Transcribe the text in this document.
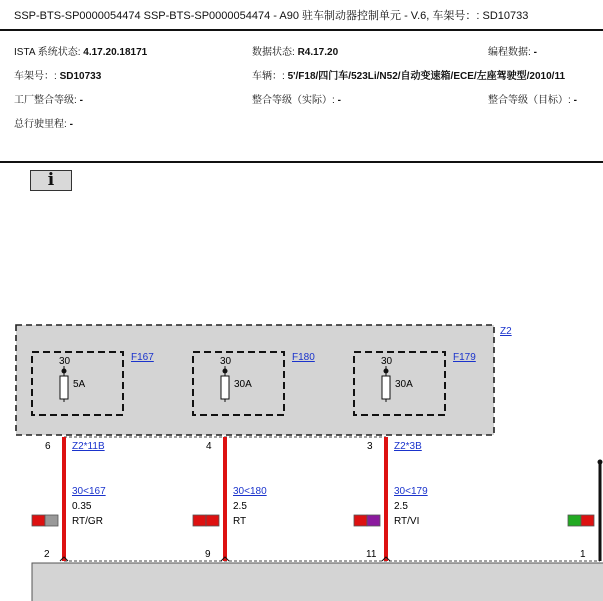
SSP-BTS-SP0000054474 SSP-BTS-SP0000054474 - A90 驻车制动器控制单元 - V.6, 车架号：: SD10733
ISTA 系统状态: 4.17.20.18171	数据状态: R4.17.20	编程数据: -
车架号：: SD10733	车辆：: 5'/F18/四门车/523Li/N52/自动变速箱/ECE/左座驾驶型/2010/11
工厂整合等级: -	整合等级（实际）: -	整合等级（目标）: -
总行驶里程: -
i
Z2
30	F167
5A
6 Z2*11B
30<167
0.35
RT/GR
2
30	F180
30A
4
30<180
2.5
RT
9
30	F179
30A
3 Z2*3B
30<179
2.5
RT/VI
11	1
